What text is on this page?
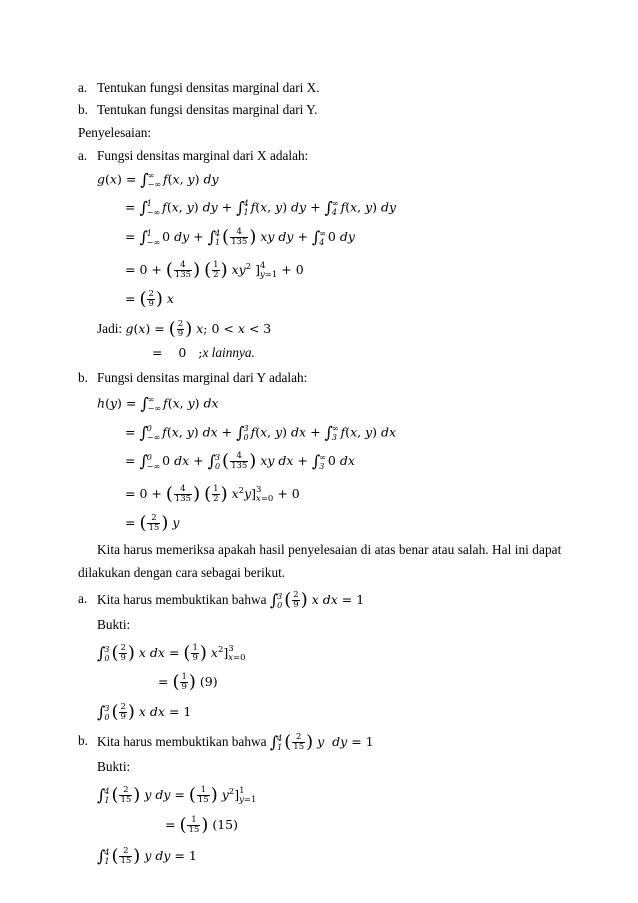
a. Tentukan fungsi densitas marginal dari X.
b. Tentukan fungsi densitas marginal dari Y.
Penyelesaian:
a. Fungsi densitas marginal dari X adalah:
g(x) = ∫ ∞
−∞ f(x, y) dy
= ∫ 1
−∞ f(x, y) dy + ∫ 4
1 f(x, y) dy + ∫ ∞
4 f(x, y) dy
= ∫ 1
−∞ 0 dy + ∫ 4
1 ( $\frac{4}{135}$ ) xy dy + ∫ ∞
4 0 dy
= 0 + ( $\frac{4}{135}$ ) ( $\frac{1}{2}$ ) $xy^2$ ] 4
y=1 + 0
= ( $\frac{2}{9}$ ) x
Jadi: g(x) = ( $\frac{2}{9}$ ) x; 0 < x < 3
=    0   ;x lainnya.
b. Fungsi densitas marginal dari Y adalah:
h(y) = ∫ ∞
−∞ f(x, y) dx
= ∫ 0
−∞ f(x, y) dx + ∫ 3
0 f(x, y) dx + ∫ ∞
3 f(x, y) dx
= ∫ 0
−∞ 0 dx + ∫ 3
0 ( $\frac{4}{135}$ ) xy dx + ∫ ∞
3 0 dx
= 0 + ( $\frac{4}{135}$ ) ( $\frac{1}{2}$ ) $x^2y$] 3
x=0 + 0
= ( $\frac{2}{15}$ ) y
Kita harus memeriksa apakah hasil penyelesaian di atas benar atau salah. Hal ini dapat
dilakukan dengan cara sebagai berikut.
a. Kita harus membuktikan bahwa ∫ 3
0 ( $\frac{2}{9}$ ) x dx = 1
Bukti:
∫ 3
0 ( $\frac{2}{9}$ ) x dx = ( $\frac{1}{9}$ ) $x^2$] 3
x=0
= ( $\frac{1}{9}$ ) (9)
∫ 3
0 ( $\frac{2}{9}$ ) x dx = 1
b. Kita harus membuktikan bahwa ∫ 4
1 ( $\frac{2}{15}$ ) y  dy = 1
Bukti:
∫ 4
1 ( $\frac{2}{15}$ ) y dy = ( $\frac{1}{15}$ ) $y^2$] 1
y=1
= ( $\frac{1}{15}$ ) (15)
∫ 4
1 ( $\frac{2}{15}$ ) y dy = 1
